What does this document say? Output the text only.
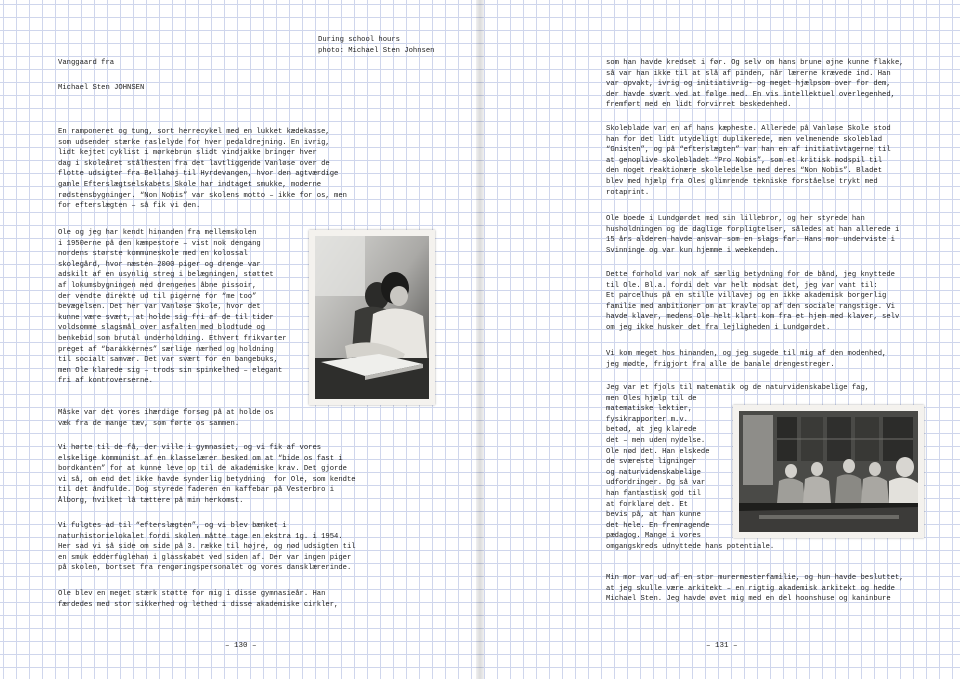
During school hours
photo: Michael Sten Johnsen
Vanggaard fra
Michael Sten JOHNSEN
En ramponeret og tung, sort herrecykel med en lukket kædekasse,
som udsender stærke raslelyde for hver pedaldrejning. En ivrig,
lidt kejtet cyklist i mørkebrun slidt vindjakke bringer hver
dag i skoleåret stålhesten fra det lavtliggende Vanløse over de
flotte udsigter fra Bellahøj til Hyrdevangen, hvor den agtværdige
gamle Efterslægtselskabets Skole har indtaget smukke, moderne
rødstensbygninger. “Non Nobis” var skolens motto – ikke for os, men
for efterslægten – så fik vi den.
Ole og jeg har kendt hinanden fra mellemskolen
i 1950erne på den kæmpestore – vist nok dengang
nordens største kommuneskole med en kolossal
skolegård, hvor næsten 2000 piger og drenge var
adskilt af en usynlig streg i belægningen, støttet
af lokumsbygningen med drengenes åbne pissoir,
der vendte direkte ud til pigerne for “me too”
bevægelsen. Det her var Vanløse Skole, hvor det
kunne være svært, at holde sig fri af de til tider
voldsomme slagsmål over asfalten med blodtude og
benkebid som brutal underholdning. Ethvert frikvarter
preget af “barakkernes” særlige nærhed og holdning
til socialt samvær. Det var svært for en bangebuks,
men Ole klarede sig – trods sin spinkelhed – elegant
fri af kontroverserne.
Måske var det vores ihærdige forsøg på at holde os
væk fra de mange tæv, som førte os sammen.
Vi hørte til de få, der ville i gymnasiet, og vi fik af vores
elskelige kommunist af en klasselærer besked om at “bide os fast i
bordkanten” for at kunne leve op til de akademiske krav. Det gjorde
vi så, om end det ikke havde synderlig betydning  for Ole, som kendte
til det åndfulde. Dog styrede faderen en kaffebar på Vesterbro i
Ålborg, hvilket lå tættere på min herkomst.
Vi fulgtes ad til “efterslægten”, og vi blev bænket i
naturhistorielokalet fordi skolen måtte tage en ekstra 1g. i 1954.
Her sad vi så side om side på 3. række til højre, og nød udsigten til
en smuk edderfuglehan i glasskabet ved siden af. Der var ingen piger
på skolen, bortset fra rengøringspersonalet og vores dansklærerinde.
Ole blev en meget stærk støtte for mig i disse gymnasieår. Han
færdedes med stor sikkerhed og lethed i disse akademiske cirkler,
– 130 –
som han havde kredset i før. Og selv om hans brune øjne kunne flakke,
så var han ikke til at slå af pinden, når lærerne krævede ind. Han
var opvakt, ivrig og initiativrig- og meget hjælpsom over for dem,
der havde svært ved at følge med. En vis intellektuel overlegenhed,
fremført med en lidt forvirret beskedenhed.
Skoleblade var en af hans kæpheste. Allerede på Vanløse Skole stod
han for det lidt utydeligt duplikerede, men velmenende skoleblad
“Gnisten”, og på “efterslægten” var han en af initiativtagerne til
at genoplive skolebladet “Pro Nobis”, som et kritisk modspil til
den noget reaktionære skoleledelse med deres “Non Nobis”. Bladet
blev med hjælp fra Oles glimrende tekniske forståelse trykt med
rotaprint.
Ole boede i Lundgørdet med sin lillebror, og her styrede han
husholdningen og de daglige forpligtelser, således at han allerede i
15 års alderen havde ansvar som en slags far. Hans mor underviste i
Svinninge og var kun hjemme i weekenden.
Dette forhold var nok af særlig betydning for de bånd, jeg knyttede
til Ole. Bl.a. fordi det var helt modsat det, jeg var vant til:
Et parcelhus på en stille villavej og en ikke akademisk borgerlig
familie med ambitioner om at kravle op af den sociale rangstige. Vi
havde klaver, medens Ole helt klart kom fra et hjem med klaver, selv
om jeg ikke husker det fra lejligheden i Lundgørdet.
Vi kom meget hos hinanden, og jeg sugede til mig af den modenhed,
jeg mødte, frigjort fra alle de banale drengestreger.
Jeg var et fjols til matematik og de naturvidenskabelige fag,
men Oles hjælp til de
matematiske lektier,
fysikrapporter m.v.
betød, at jeg klarede
det – men uden nydelse.
Ole nød det. Han elskede
de sværeste ligninger
og naturvidenskabelige
udfordringer. Og så var
han fantastisk god til
at forklare det. Et
bevis på, at han kunne
det hele. En fremragende
pædagog. Mange i vores
omgangskreds udnyttede hans potentiale.
Min mor var ud af en stor murermesterfamilie, og hun havde besluttet,
at jeg skulle være arkitekt – en rigtig akademisk arkitekt og hedde
Michael Sten. Jeg havde øvet mig med en del hoonshuse og kaninbure
– 131 –
